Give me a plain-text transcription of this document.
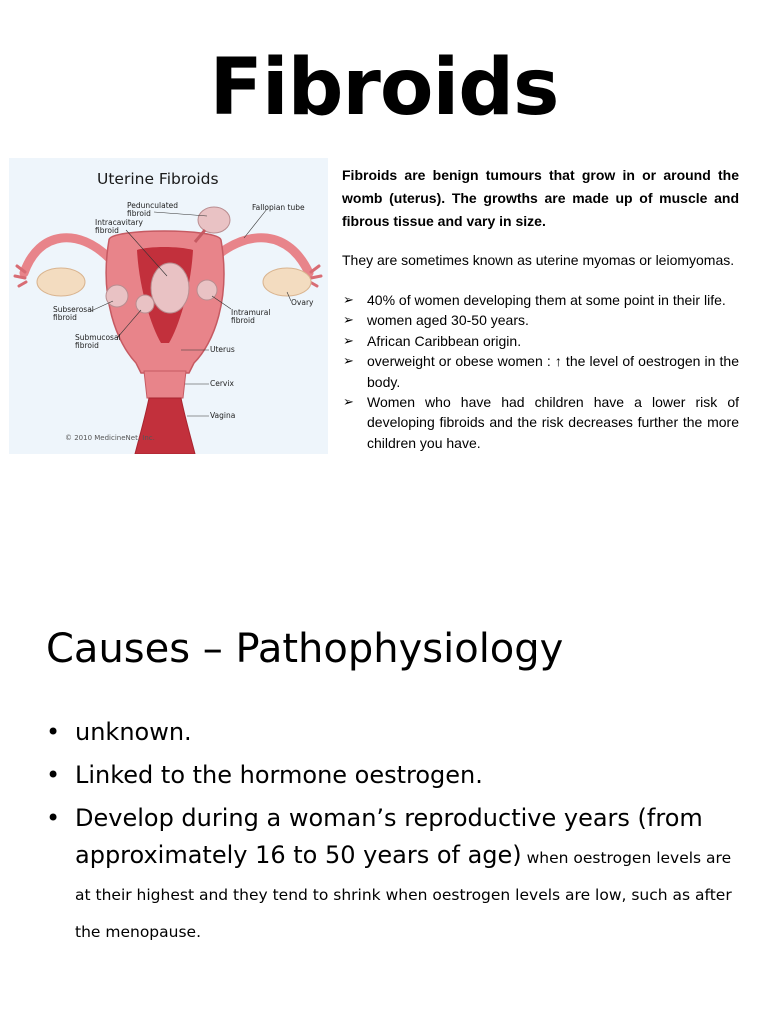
Fibroids
Uterine Fibroids
Pedunculated fibroid
Intracavitary fibroid
Fallopian tube
Subserosal fibroid
Submucosal fibroid
Intramural fibroid
Ovary
Uterus
Cervix
Vagina
© 2010 MedicineNet, Inc.

Fibroids are benign tumours that grow in or around the womb (uterus). The growths are made up of muscle and fibrous tissue and vary in size.

They are sometimes known as uterine myomas or leiomyomas.

➢ 40% of women developing them at some point in their life.
➢ women aged 30-50 years.
➢ African Caribbean origin.
➢ overweight or obese women : ↑ the level of oestrogen in the body.
➢ Women who have had children have a lower risk of developing fibroids and the risk decreases further the more children you have.
Causes – Pathophysiology
• unknown.
• Linked to the hormone oestrogen.
• Develop during a woman’s reproductive years (from approximately 16 to 50 years of age) when oestrogen levels are at their highest and they tend to shrink when oestrogen levels are low, such as after the menopause.
